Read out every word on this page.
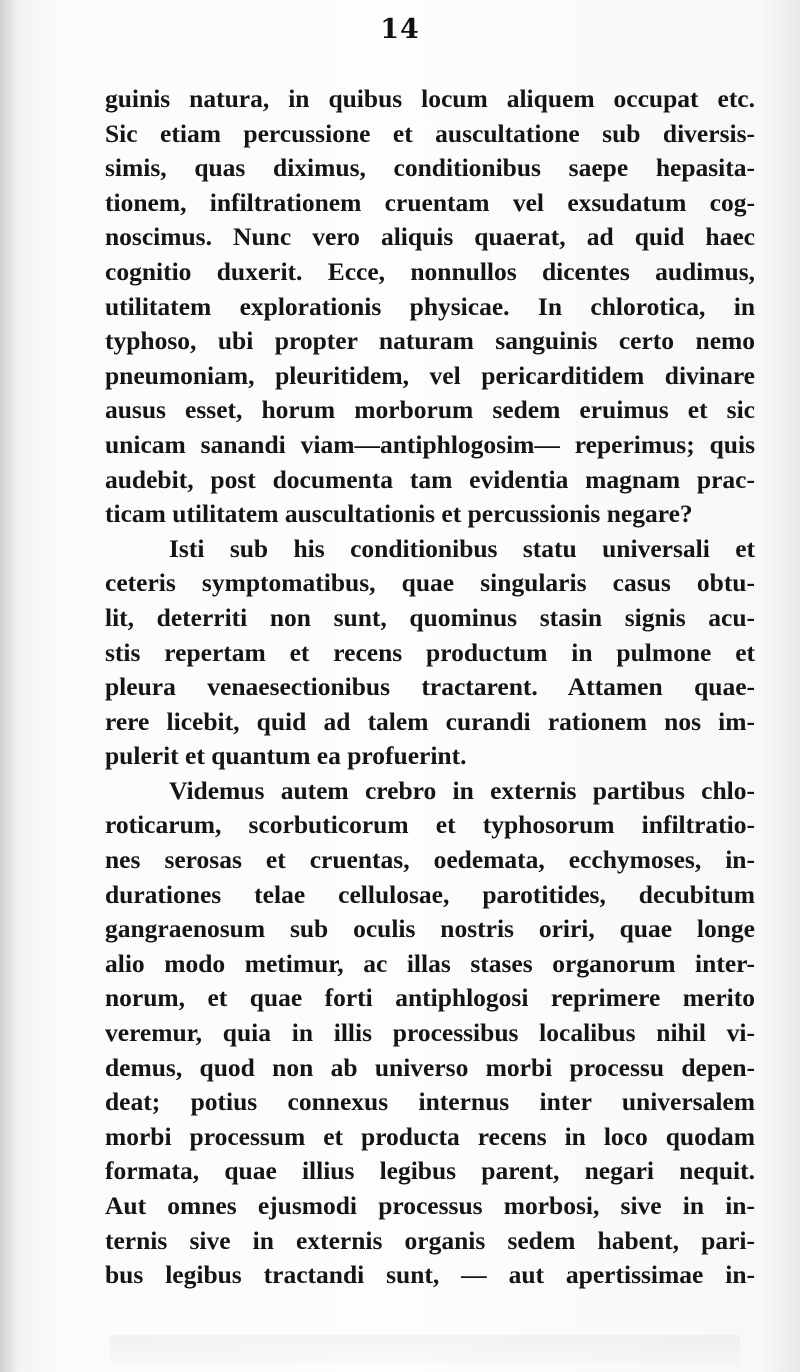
14
guinis natura, in quibus locum aliquem occupat etc.
Sic etiam percussione et auscultatione sub diversis-
simis, quas diximus, conditionibus saepe hepasita-
tionem, infiltrationem cruentam vel exsudatum cog-
noscimus. Nunc vero aliquis quaerat, ad quid haec
cognitio duxerit. Ecce, nonnullos dicentes audimus,
utilitatem explorationis physicae. In chlorotica, in
typhoso, ubi propter naturam sanguinis certo nemo
pneumoniam, pleuritidem, vel pericarditidem divinare
ausus esset, horum morborum sedem eruimus et sic
unicam sanandi viam—antiphlogosim— reperimus; quis
audebit, post documenta tam evidentia magnam prac-
ticam utilitatem auscultationis et percussionis negare?
Isti sub his conditionibus statu universali et
ceteris symptomatibus, quae singularis casus obtu-
lit, deterriti non sunt, quominus stasin signis acu-
stis repertam et recens productum in pulmone et
pleura venaesectionibus tractarent. Attamen quae-
rere licebit, quid ad talem curandi rationem nos im-
pulerit et quantum ea profuerint.
Videmus autem crebro in externis partibus chlo-
roticarum, scorbuticorum et typhosorum infiltratio-
nes serosas et cruentas, oedemata, ecchymoses, in-
durationes telae cellulosae, parotitides, decubitum
gangraenosum sub oculis nostris oriri, quae longe
alio modo metimur, ac illas stases organorum inter-
norum, et quae forti antiphlogosi reprimere merito
veremur, quia in illis processibus localibus nihil vi-
demus, quod non ab universo morbi processu depen-
deat; potius connexus internus inter universalem
morbi processum et producta recens in loco quodam
formata, quae illius legibus parent, negari nequit.
Aut omnes ejusmodi processus morbosi, sive in in-
ternis sive in externis organis sedem habent, pari-
bus legibus tractandi sunt, — aut apertissimae in-
